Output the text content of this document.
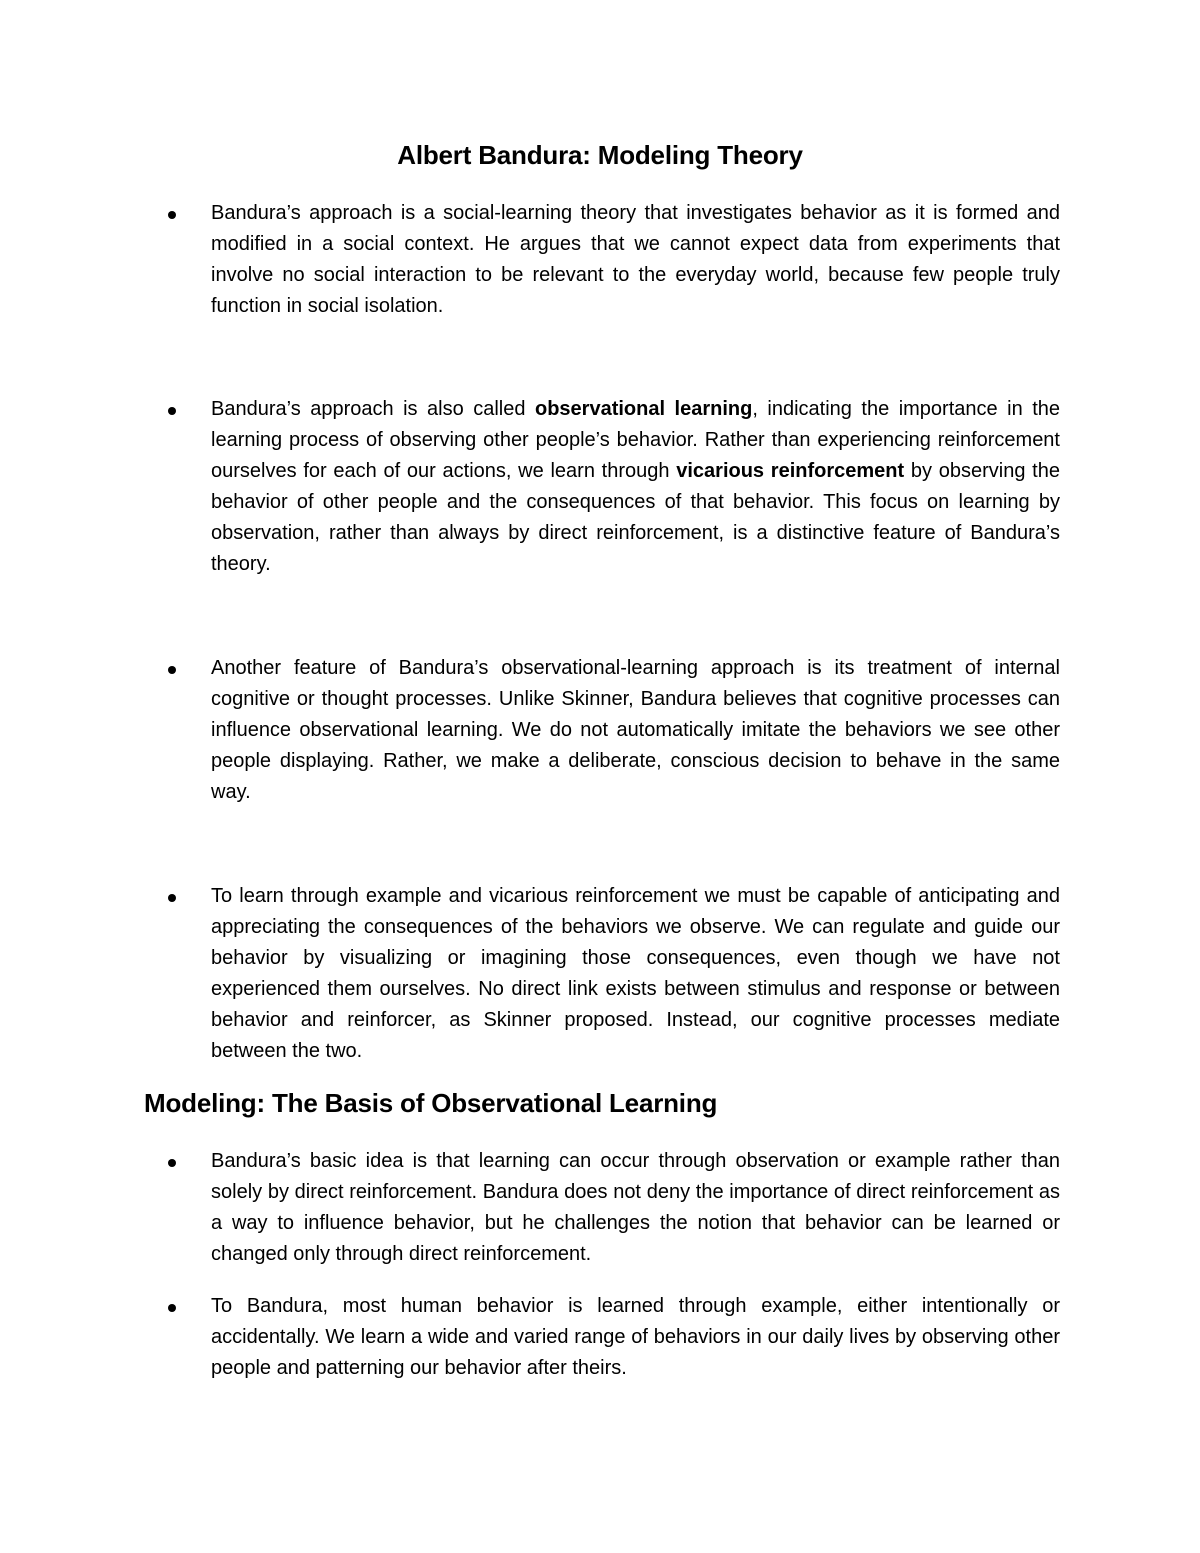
Albert Bandura: Modeling Theory

Bandura’s approach is a social-learning theory that investigates behavior as it is formed and modified in a social context. He argues that we cannot expect data from experiments that involve no social interaction to be relevant to the everyday world, because few people truly function in social isolation.

Bandura’s approach is also called observational learning, indicating the importance in the learning process of observing other people’s behavior. Rather than experiencing reinforcement ourselves for each of our actions, we learn through vicarious reinforcement by observing the behavior of other people and the consequences of that behavior. This focus on learning by observation, rather than always by direct reinforcement, is a distinctive feature of Bandura’s theory.

Another feature of Bandura’s observational-learning approach is its treatment of internal cognitive or thought processes. Unlike Skinner, Bandura believes that cognitive processes can influence observational learning. We do not automatically imitate the behaviors we see other people displaying. Rather, we make a deliberate, conscious decision to behave in the same way.

To learn through example and vicarious reinforcement we must be capable of anticipating and appreciating the consequences of the behaviors we observe. We can regulate and guide our behavior by visualizing or imagining those consequences, even though we have not experienced them ourselves. No direct link exists between stimulus and response or between behavior and reinforcer, as Skinner proposed. Instead, our cognitive processes mediate between the two.

Modeling: The Basis of Observational Learning

Bandura’s basic idea is that learning can occur through observation or example rather than solely by direct reinforcement. Bandura does not deny the importance of direct reinforcement as a way to influence behavior, but he challenges the notion that behavior can be learned or changed only through direct reinforcement.

To Bandura, most human behavior is learned through example, either intentionally or accidentally. We learn a wide and varied range of behaviors in our daily lives by observing other people and patterning our behavior after theirs.
